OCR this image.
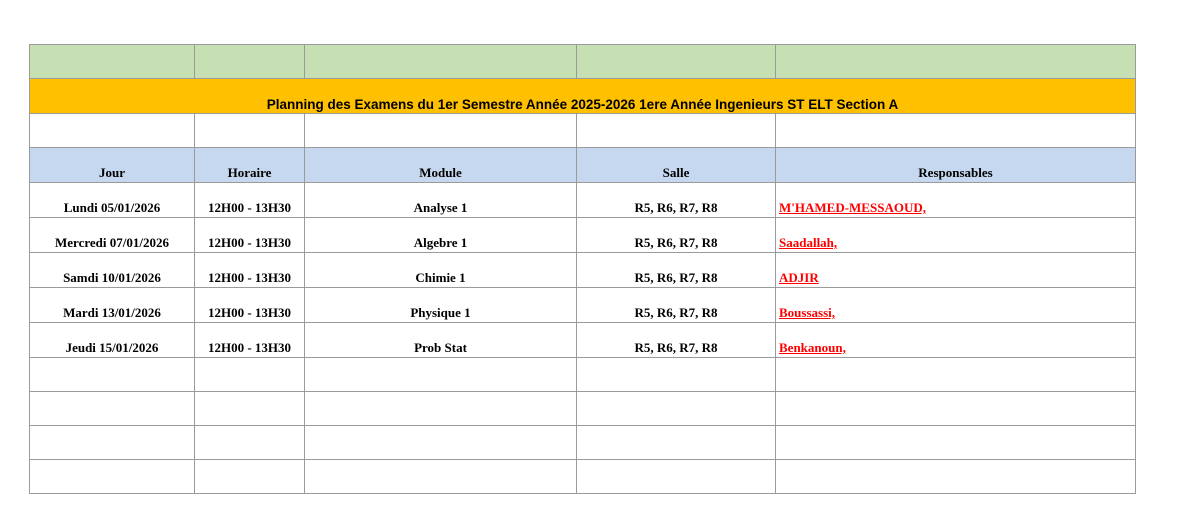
Planning des Examens du 1er Semestre Année 2025-2026 1ere Année Ingenieurs ST ELT Section A				

Jour	Horaire	Module	Salle	Responsables
Lundi 05/01/2026	12H00 - 13H30	Analyse 1	R5, R6, R7, R8	M'HAMED-MESSAOUD,
Mercredi 07/01/2026	12H00 - 13H30	Algebre 1	R5, R6, R7, R8	Saadallah,
Samdi 10/01/2026	12H00 - 13H30	Chimie 1	R5, R6, R7, R8	ADJIR
Mardi 13/01/2026	12H00 - 13H30	Physique 1	R5, R6, R7, R8	Boussassi,
Jeudi 15/01/2026	12H00 - 13H30	Prob Stat	R5, R6, R7, R8	Benkanoun,
